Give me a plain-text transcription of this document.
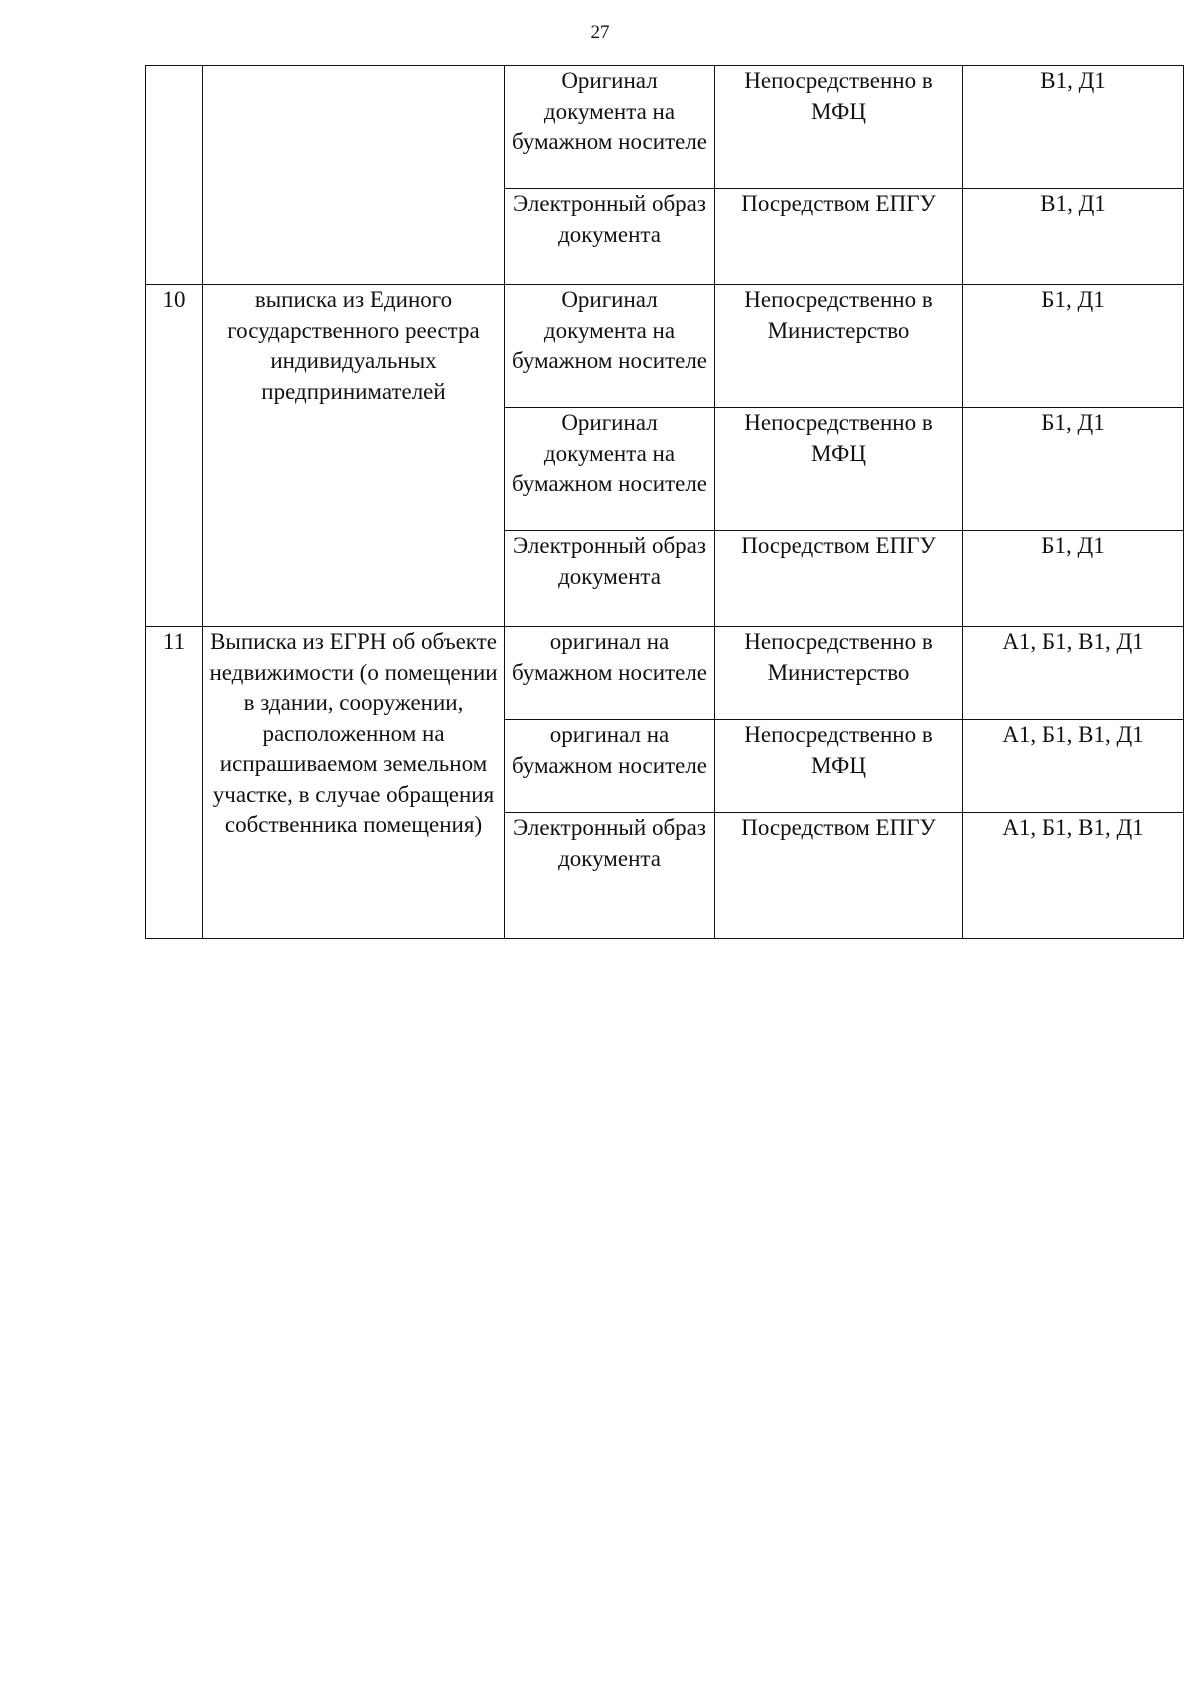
27

		Оригинал документа на бумажном носителе	Непосредственно в МФЦ	В1, Д1

		Электронный образ документа	Посредством ЕПГУ	В1, Д1

10	выписка из Единого государственного реестра индивидуальных предпринимателей	Оригинал документа на бумажном носителе	Непосредственно в Министерство	Б1, Д1

		Оригинал документа на бумажном носителе	Непосредственно в МФЦ	Б1, Д1

		Электронный образ документа	Посредством ЕПГУ	Б1, Д1

11	Выписка из ЕГРН об объекте недвижимости (о помещении в здании, сооружении, расположенном на испрашиваемом земельном участке, в случае обращения собственника помещения)	оригинал на бумажном носителе	Непосредственно в Министерство	А1, Б1, В1, Д1

		оригинал на бумажном носителе	Непосредственно в МФЦ	А1, Б1, В1, Д1

		Электронный образ документа	Посредством ЕПГУ	А1, Б1, В1, Д1
